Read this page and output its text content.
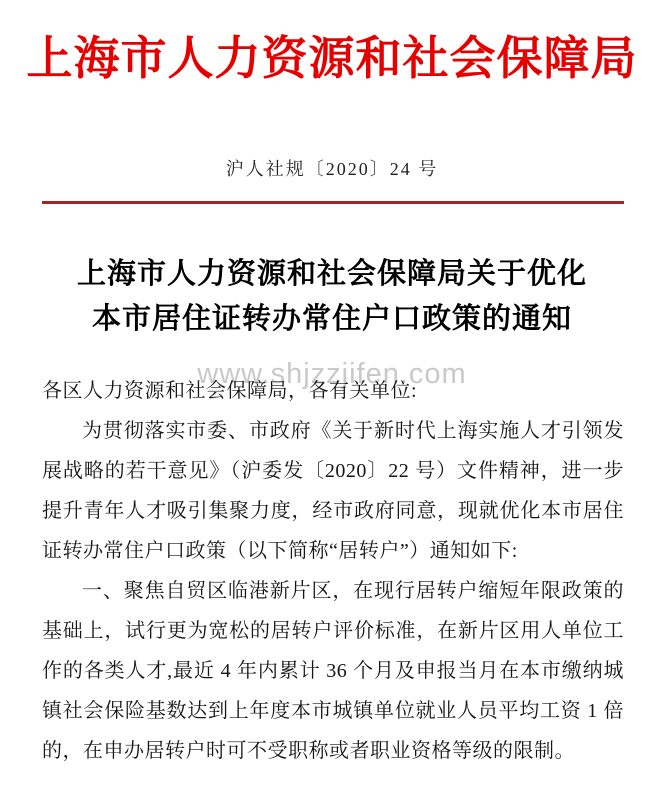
上海市人力资源和社会保障局
沪人社规〔2020〕24 号
上海市人力资源和社会保障局关于优化
本市居住证转办常住户口政策的通知
www.shjzzjifen.com
各区人力资源和社会保障局，各有关单位:
为贯彻落实市委、市政府《关于新时代上海实施人才引领发
展战略的若干意见》（沪委发〔2020〕22 号）文件精神，进一步
提升青年人才吸引集聚力度，经市政府同意，现就优化本市居住
证转办常住户口政策（以下简称“居转户”）通知如下:
一、聚焦自贸区临港新片区，在现行居转户缩短年限政策的
基础上，试行更为宽松的居转户评价标准，在新片区用人单位工
作的各类人才,最近 4 年内累计 36 个月及申报当月在本市缴纳城
镇社会保险基数达到上年度本市城镇单位就业人员平均工资 1 倍
的，在申办居转户时可不受职称或者职业资格等级的限制。
